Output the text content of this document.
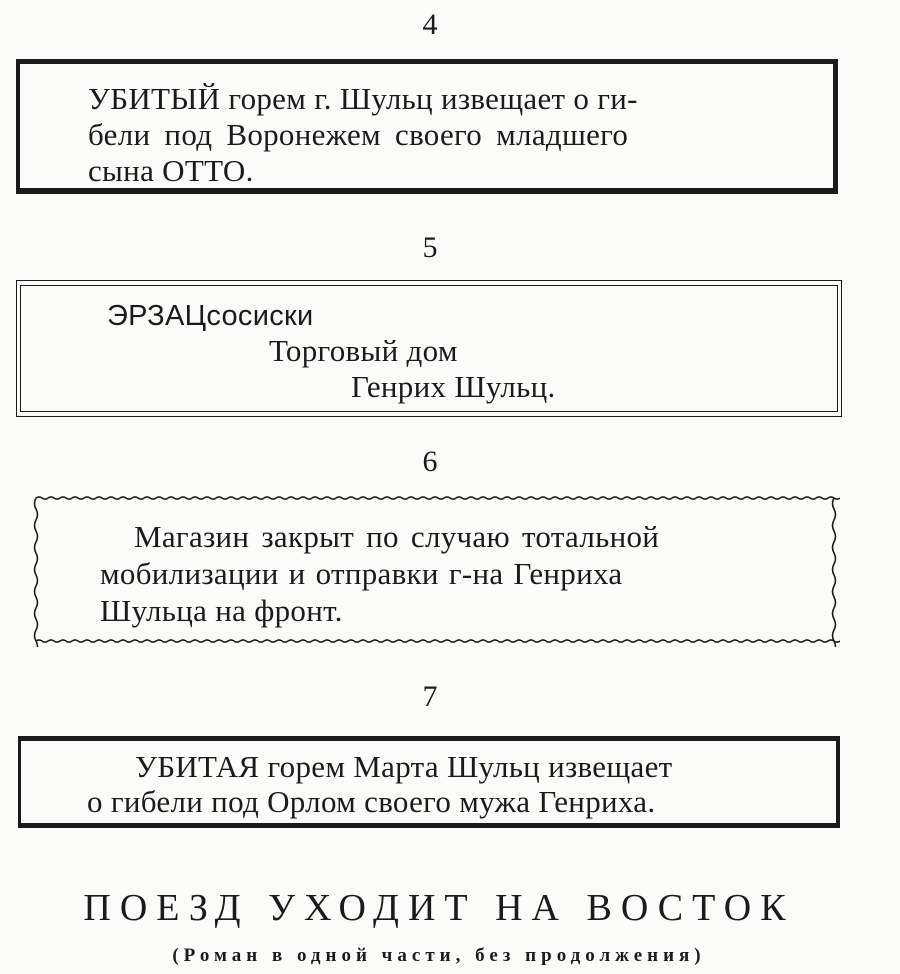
4
УБИТЫЙ горем г. Шульц извещает о ги-
бели под Воронежем своего младшего
сына ОТТО.
5
ЭРЗАЦсосиски
Торговый дом
Генрих Шульц.
6
Магазин закрыт по случаю тотальной
мобилизации и отправки г-на Генриха
Шульца на фронт.
7
УБИТАЯ горем Марта Шульц извещает
о гибели под Орлом своего мужа Генриха.
ПОЕЗД УХОДИТ НА ВОСТОК
(Роман в одной части, без продолжения)
